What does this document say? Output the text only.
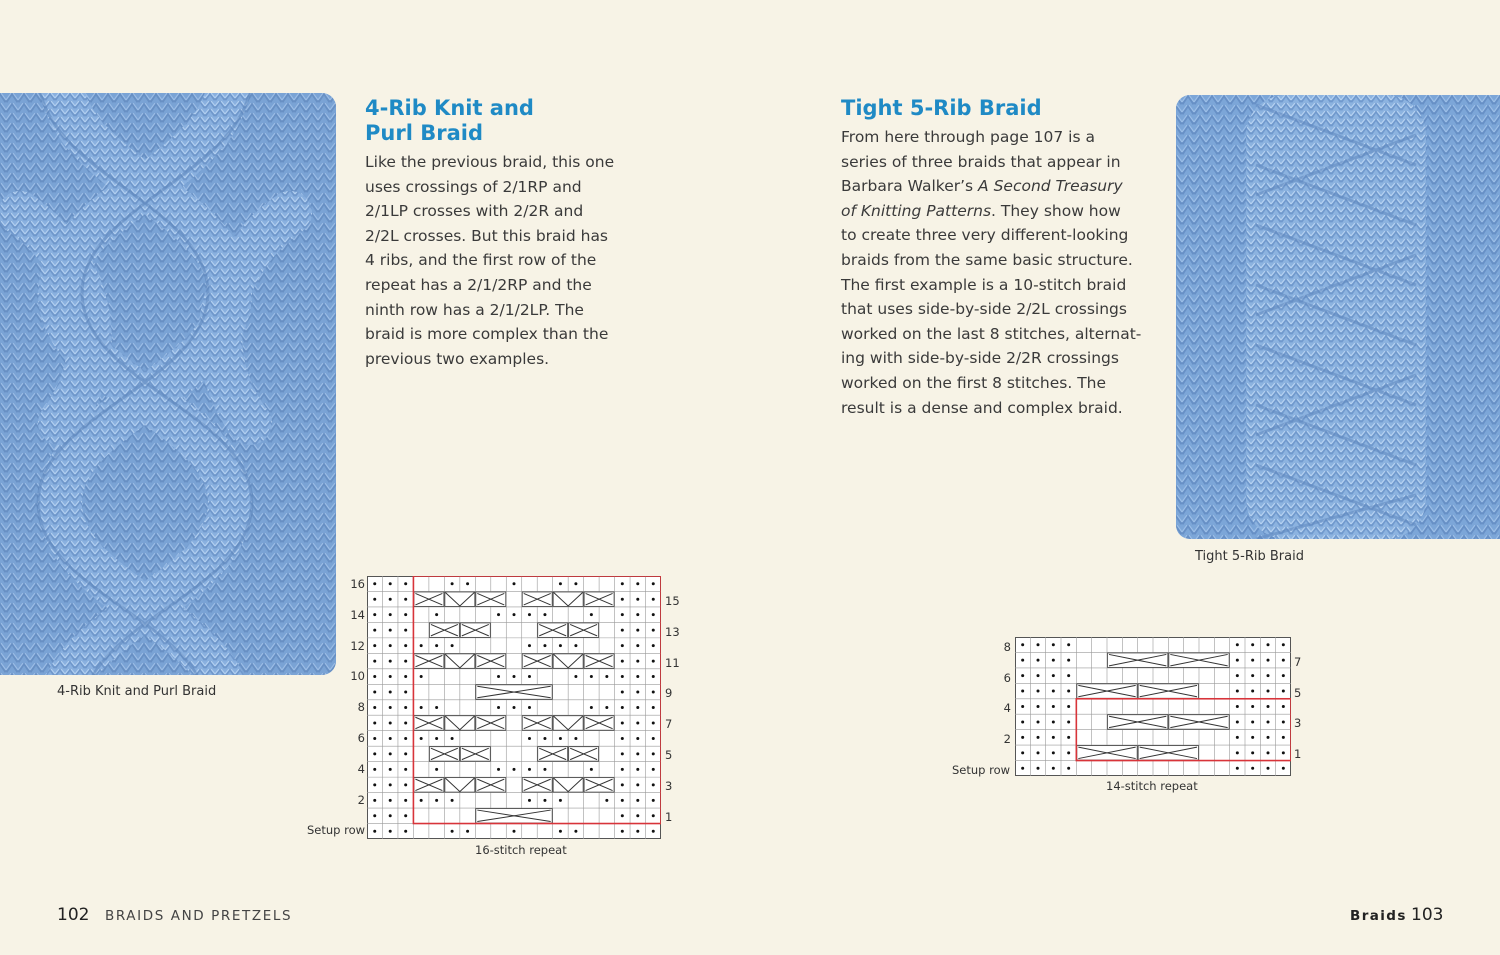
4-Rib Knit and Purl Braid
4-Rib Knit and
Purl Braid
Like the previous braid, this one
uses crossings of 2/1RP and
2/1LP crosses with 2/2R and
2/2L crosses. But this braid has
4 ribs, and the first row of the
repeat has a 2/1/2RP and the
ninth row has a 2/1/2LP. The
braid is more complex than the
previous two examples.
16
14
12
10
8
6
4
2
15
13
11
9
7
5
3
1
Setup row
16-stitch repeat
Tight 5-Rib Braid
From here through page 107 is a
series of three braids that appear in
Barbara Walker’s A Second Treasury
of Knitting Patterns. They show how
to create three very different-looking
braids from the same basic structure.
The first example is a 10-stitch braid
that uses side-by-side 2/2L crossings
worked on the last 8 stitches, alternat-
ing with side-by-side 2/2R crossings
worked on the first 8 stitches. The
result is a dense and complex braid.
Tight 5-Rib Braid
8
6
4
2
7
5
3
1
Setup row
14-stitch repeat
102 BRAIDS AND PRETZELS	Braids 103
